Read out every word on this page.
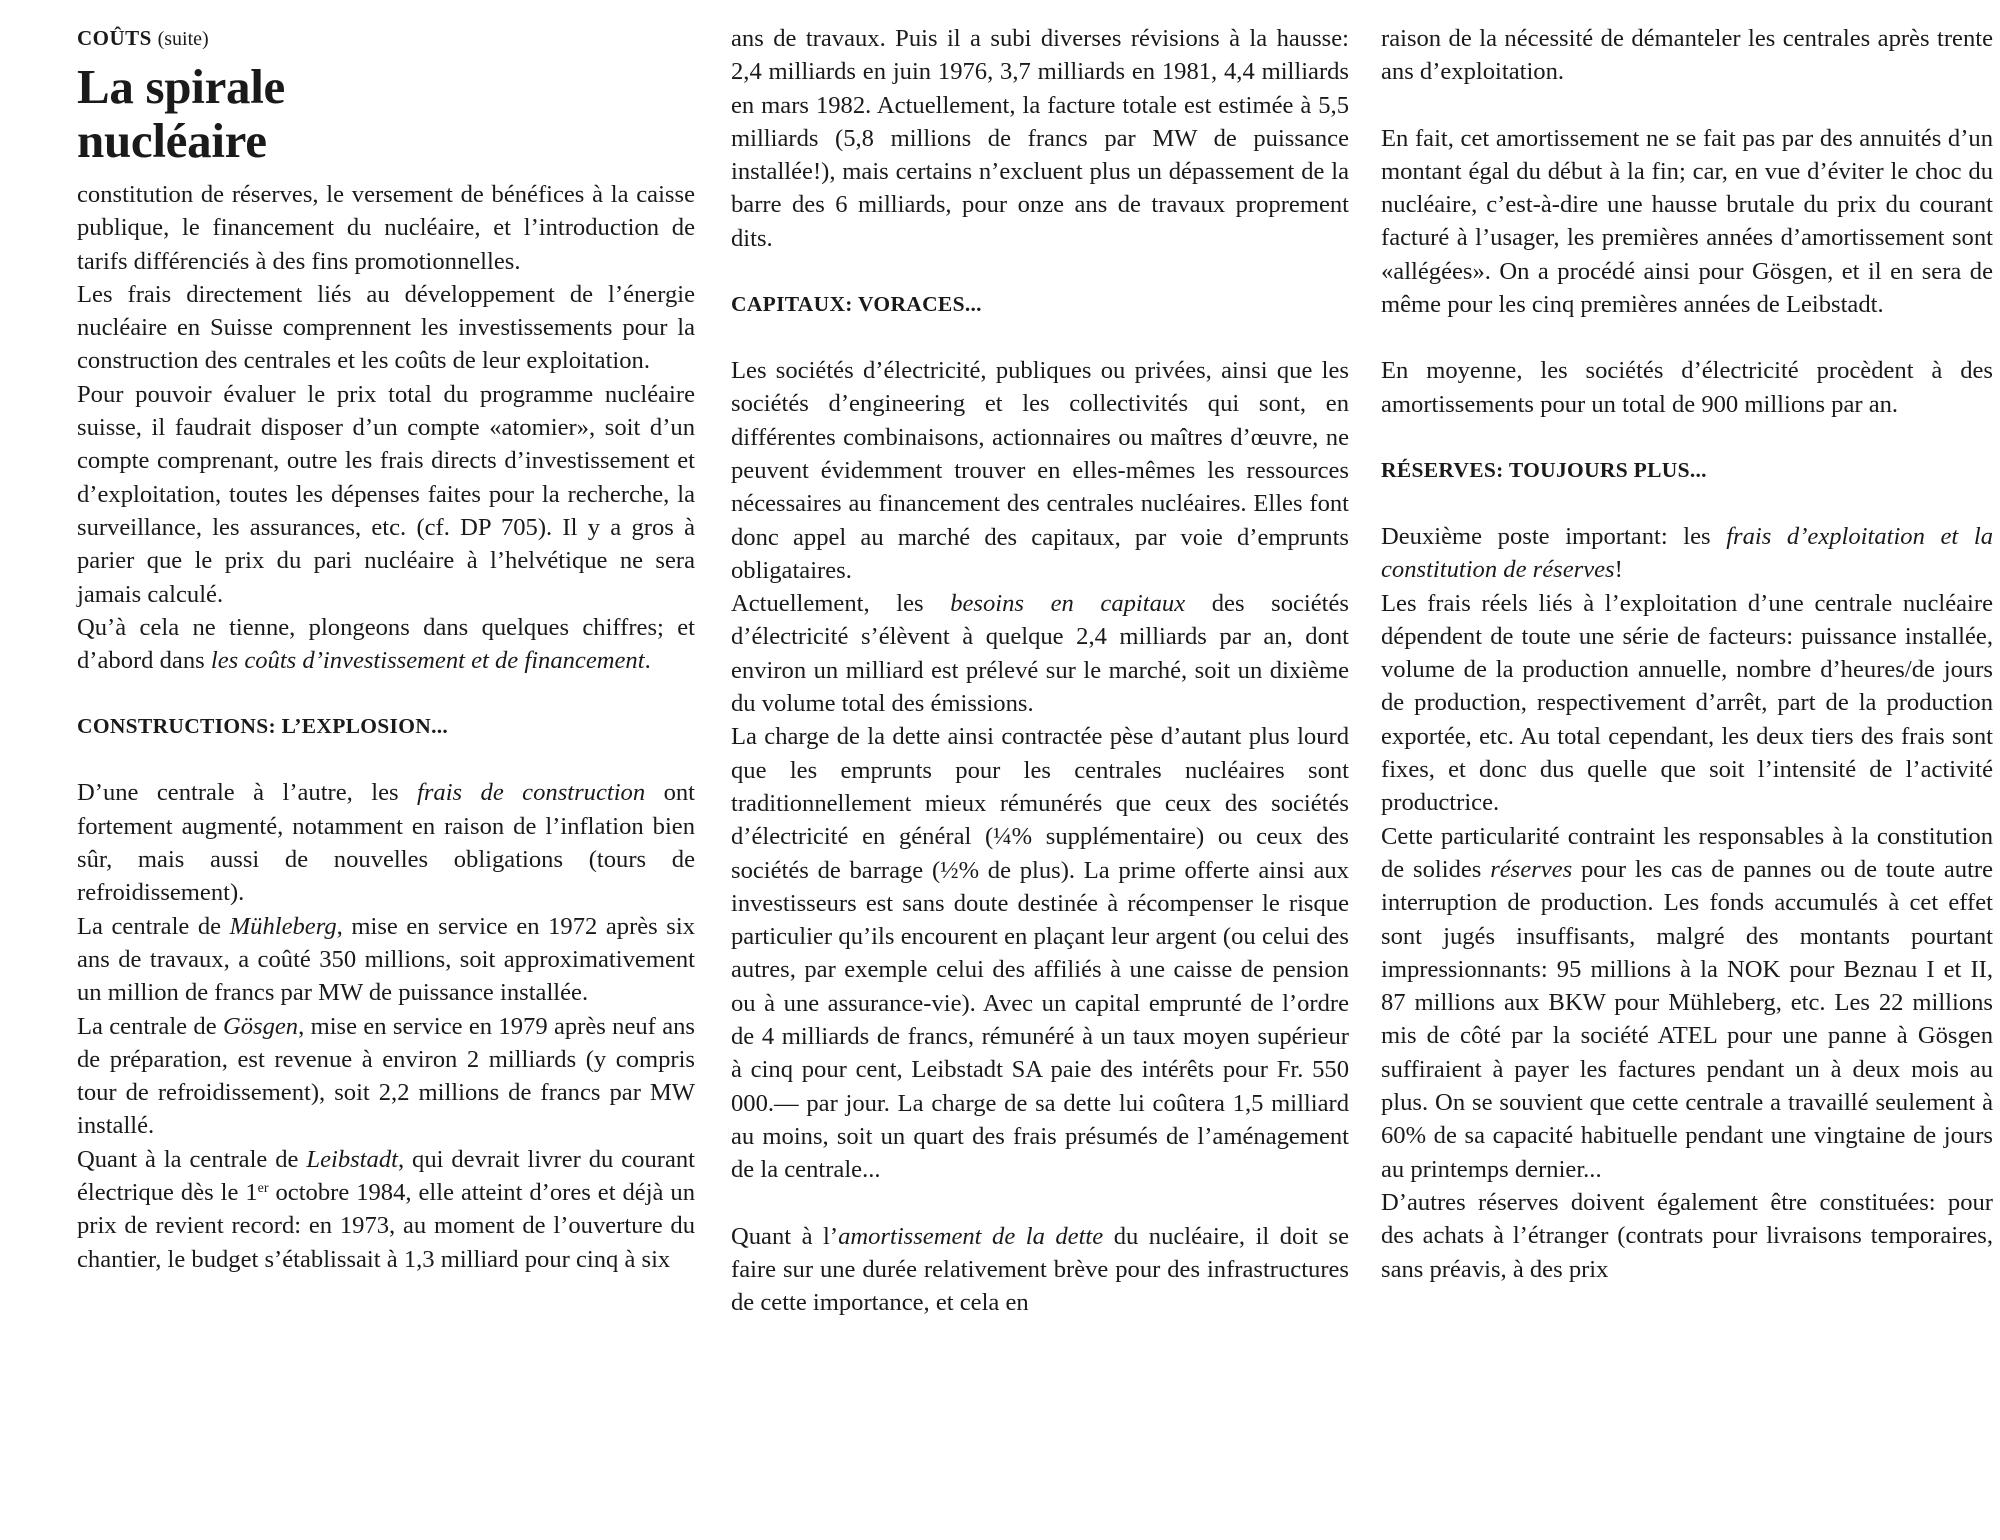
COÛTS (suite)
La spirale
nucléaire

constitution de réserves, le versement de bénéfices à la caisse publique, le financement du nucléaire, et l’introduction de tarifs différenciés à des fins promotionnelles.

Les frais directement liés au développement de l’énergie nucléaire en Suisse comprennent les investissements pour la construction des centrales et les coûts de leur exploitation.

Pour pouvoir évaluer le prix total du programme nucléaire suisse, il faudrait disposer d’un compte «atomier», soit d’un compte comprenant, outre les frais directs d’investissement et d’exploitation, toutes les dépenses faites pour la recherche, la surveillance, les assurances, etc. (cf. DP 705). Il y a gros à parier que le prix du pari nucléaire à l’helvétique ne sera jamais calculé.

Qu’à cela ne tienne, plongeons dans quelques chiffres; et d’abord dans les coûts d’investissement et de financement.

CONSTRUCTIONS: L’EXPLOSION...

D’une centrale à l’autre, les frais de construction ont fortement augmenté, notamment en raison de l’inflation bien sûr, mais aussi de nouvelles obligations (tours de refroidissement).

La centrale de Mühleberg, mise en service en 1972 après six ans de travaux, a coûté 350 millions, soit approximativement un million de francs par MW de puissance installée.

La centrale de Gösgen, mise en service en 1979 après neuf ans de préparation, est revenue à environ 2 milliards (y compris tour de refroidissement), soit 2,2 millions de francs par MW installé.

Quant à la centrale de Leibstadt, qui devrait livrer du courant électrique dès le 1er octobre 1984, elle atteint d’ores et déjà un prix de revient record: en 1973, au moment de l’ouverture du chantier, le budget s’établissait à 1,3 milliard pour cinq à six

ans de travaux. Puis il a subi diverses révisions à la hausse: 2,4 milliards en juin 1976, 3,7 milliards en 1981, 4,4 milliards en mars 1982. Actuellement, la facture totale est estimée à 5,5 milliards (5,8 millions de francs par MW de puissance installée!), mais certains n’excluent plus un dépassement de la barre des 6 milliards, pour onze ans de travaux proprement dits.

CAPITAUX: VORACES...

Les sociétés d’électricité, publiques ou privées, ainsi que les sociétés d’engineering et les collectivités qui sont, en différentes combinaisons, actionnaires ou maîtres d’œuvre, ne peuvent évidemment trouver en elles-mêmes les ressources nécessaires au financement des centrales nucléaires. Elles font donc appel au marché des capitaux, par voie d’emprunts obligataires.

Actuellement, les besoins en capitaux des sociétés d’électricité s’élèvent à quelque 2,4 milliards par an, dont environ un milliard est prélevé sur le marché, soit un dixième du volume total des émissions.

La charge de la dette ainsi contractée pèse d’autant plus lourd que les emprunts pour les centrales nucléaires sont traditionnellement mieux rémunérés que ceux des sociétés d’électricité en général (¼% supplémentaire) ou ceux des sociétés de barrage (½% de plus). La prime offerte ainsi aux investisseurs est sans doute destinée à récompenser le risque particulier qu’ils encourent en plaçant leur argent (ou celui des autres, par exemple celui des affiliés à une caisse de pension ou à une assurance-vie). Avec un capital emprunté de l’ordre de 4 milliards de francs, rémunéré à un taux moyen supérieur à cinq pour cent, Leibstadt SA paie des intérêts pour Fr. 550 000.— par jour. La charge de sa dette lui coûtera 1,5 milliard au moins, soit un quart des frais présumés de l’aménagement de la centrale...

Quant à l’amortissement de la dette du nucléaire, il doit se faire sur une durée relativement brève pour des infrastructures de cette importance, et cela en

raison de la nécessité de démanteler les centrales après trente ans d’exploitation.

En fait, cet amortissement ne se fait pas par des annuités d’un montant égal du début à la fin; car, en vue d’éviter le choc du nucléaire, c’est-à-dire une hausse brutale du prix du courant facturé à l’usager, les premières années d’amortissement sont «allégées». On a procédé ainsi pour Gösgen, et il en sera de même pour les cinq premières années de Leibstadt.

En moyenne, les sociétés d’électricité procèdent à des amortissements pour un total de 900 millions par an.

RÉSERVES: TOUJOURS PLUS...

Deuxième poste important: les frais d’exploitation et la constitution de réserves!

Les frais réels liés à l’exploitation d’une centrale nucléaire dépendent de toute une série de facteurs: puissance installée, volume de la production annuelle, nombre d’heures/de jours de production, respectivement d’arrêt, part de la production exportée, etc. Au total cependant, les deux tiers des frais sont fixes, et donc dus quelle que soit l’intensité de l’activité productrice.

Cette particularité contraint les responsables à la constitution de solides réserves pour les cas de pannes ou de toute autre interruption de production. Les fonds accumulés à cet effet sont jugés insuffisants, malgré des montants pourtant impressionnants: 95 millions à la NOK pour Beznau I et II, 87 millions aux BKW pour Mühleberg, etc. Les 22 millions mis de côté par la société ATEL pour une panne à Gösgen suffiraient à payer les factures pendant un à deux mois au plus. On se souvient que cette centrale a travaillé seulement à 60% de sa capacité habituelle pendant une vingtaine de jours au printemps dernier...

D’autres réserves doivent également être constituées: pour des achats à l’étranger (contrats pour livraisons temporaires, sans préavis, à des prix
